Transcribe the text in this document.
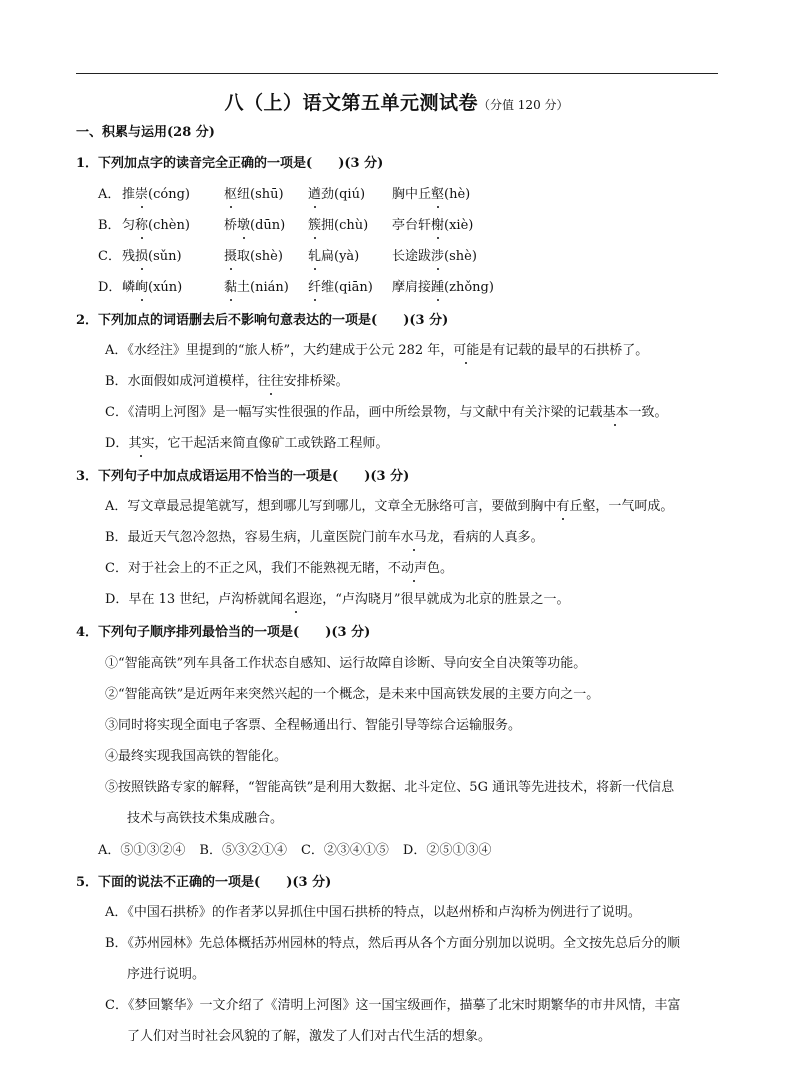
八（上）语文第五单元测试卷（分值 120 分）
一、积累与运用(28 分)
1．下列加点字的读音完全正确的一项是(　　)(3 分)
A． 推崇(cóng)	枢纽(shū) 遒劲(qiú) 胸中丘壑(hè)
B．匀称(chèn)	桥墩(dūn) 簇拥(chù) 亭台轩榭(xiè)
C．残损(sǔn)	摄取(shè) 轧扁(yà)	长途跋涉(shè)
D．嶙峋(xún)	黏土(nián) 纤维(qiān) 摩肩接踵(zhǒng)
2．下列加点的词语删去后不影响句意表达的一项是(　　)(3 分)
A．《水经注》里提到的“旅人桥”，大约建成于公元 282 年，可能是有记载的最早的石拱桥了。
B．水面假如成河道模样，往往安排桥梁。
C．《清明上河图》是一幅写实性很强的作品，画中所绘景物，与文献中有关汴梁的记载基本一致。
D．其实，它干起活来简直像矿工或铁路工程师。
3．下列句子中加点成语运用不恰当的一项是(　　)(3 分)
A．写文章最忌提笔就写，想到哪儿写到哪儿，文章全无脉络可言，要做到胸中有丘壑，一气呵成。
B．最近天气忽冷忽热，容易生病，儿童医院门前车水马龙，看病的人真多。
C．对于社会上的不正之风，我们不能熟视无睹，不动声色。
D．早在 13 世纪，卢沟桥就闻名遐迩，“卢沟晓月”很早就成为北京的胜景之一。
4．下列句子顺序排列最恰当的一项是(　　)(3 分)
①“智能高铁”列车具备工作状态自感知、运行故障自诊断、导向安全自决策等功能。
②“智能高铁”是近两年来突然兴起的一个概念，是未来中国高铁发展的主要方向之一。
③同时将实现全面电子客票、全程畅通出行、智能引导等综合运输服务。
④最终实现我国高铁的智能化。
⑤按照铁路专家的解释，“智能高铁”是利用大数据、北斗定位、5G 通讯等先进技术，将新一代信息
技术与高铁技术集成融合。
A．⑤①③②④ B．⑤③②①④ C．②③④①⑤ D．②⑤①③④
5．下面的说法不正确的一项是(　　)(3 分)
A．《中国石拱桥》的作者茅以昇抓住中国石拱桥的特点，以赵州桥和卢沟桥为例进行了说明。
B．《苏州园林》先总体概括苏州园林的特点，然后再从各个方面分别加以说明。全文按先总后分的顺
序进行说明。
C．《梦回繁华》一文介绍了《清明上河图》这一国宝级画作，描摹了北宋时期繁华的市井风情，丰富
了人们对当时社会风貌的了解，激发了人们对古代生活的想象。
